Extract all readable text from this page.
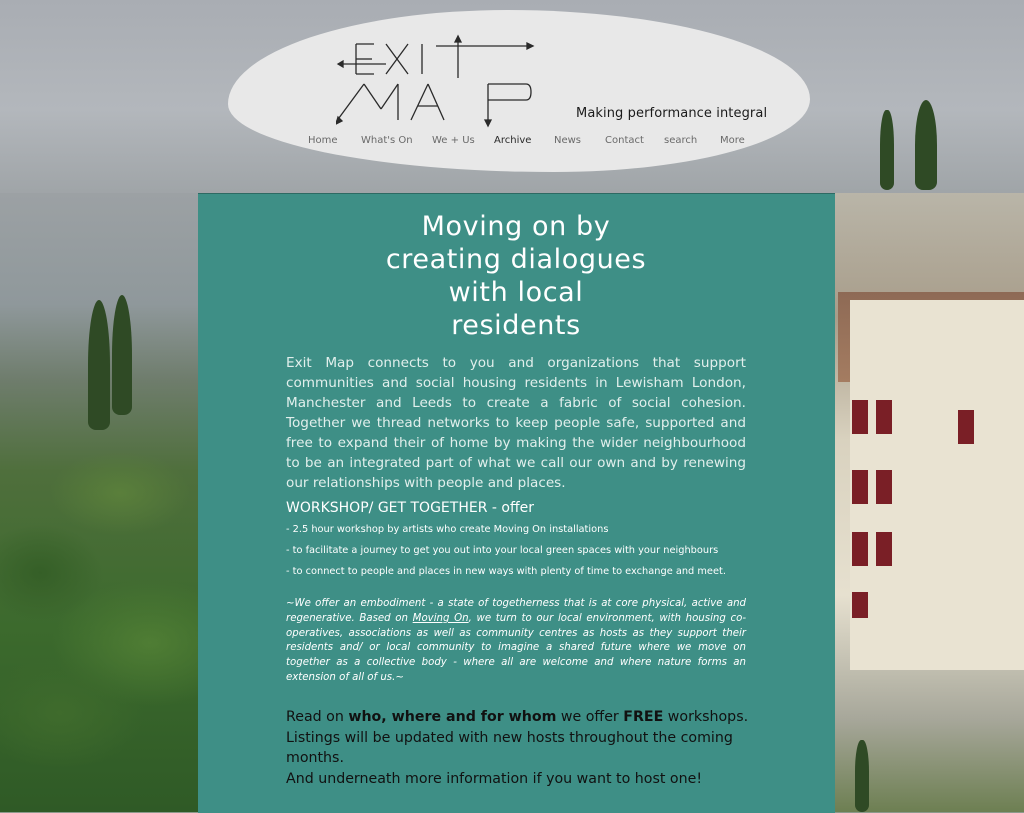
Making performance integral
Home	What's On	We + Us	Archive	News	Contact	search	More
Moving on by
creating dialogues
with local
residents

Exit Map connects to you and organizations that support communities and social housing residents in Lewisham London, Manchester and Leeds to create a fabric of social cohesion. Together we thread networks to keep people safe, supported and free to expand their of home by making the wider neighbourhood to be an integrated part of what we call our own and by renewing our relationships with people and places.

WORKSHOP/ GET TOGETHER - offer
- 2.5 hour workshop by artists who create Moving On installations
- to facilitate a journey to get you out into your local green spaces with your neighbours
- to connect to people and places in new ways with plenty of time to exchange and meet.

~We offer an embodiment - a state of togetherness that is at core physical, active and regenerative. Based on Moving On, we turn to our local environment, with housing co-operatives, associations as well as community centres as hosts as they support their residents and/ or local community to imagine a shared future where we move on together as a collective body - where all are welcome and where nature forms an extension of all of us.~

Read on who, where and for whom we offer FREE workshops.
Listings will be updated with new hosts throughout the coming months.
And underneath more information if you want to host one!
